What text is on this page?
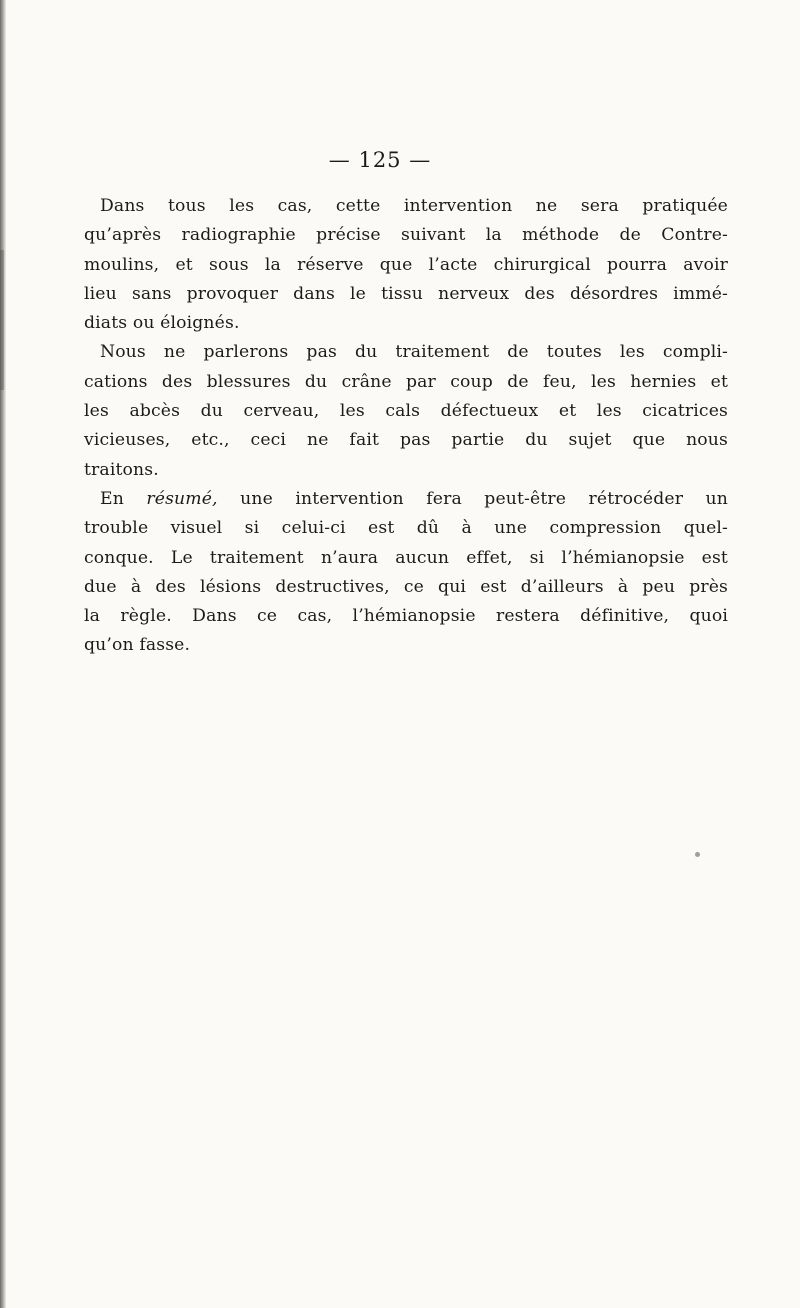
— 125 —
Dans tous les cas, cette intervention ne sera pratiquée
qu’après radiographie précise suivant la méthode de Contre-
moulins, et sous la réserve que l’acte chirurgical pourra avoir
lieu sans provoquer dans le tissu nerveux des désordres immé-
diats ou éloignés.
Nous ne parlerons pas du traitement de toutes les compli-
cations des blessures du crâne par coup de feu, les hernies et
les abcès du cerveau, les cals défectueux et les cicatrices
vicieuses, etc., ceci ne fait pas partie du sujet que nous
traitons.
En résumé, une intervention fera peut-être rétrocéder un
trouble visuel si celui-ci est dû à une compression quel-
conque. Le traitement n’aura aucun effet, si l’hémianopsie est
due à des lésions destructives, ce qui est d’ailleurs à peu près
la règle. Dans ce cas, l’hémianopsie restera définitive, quoi
qu’on fasse.
